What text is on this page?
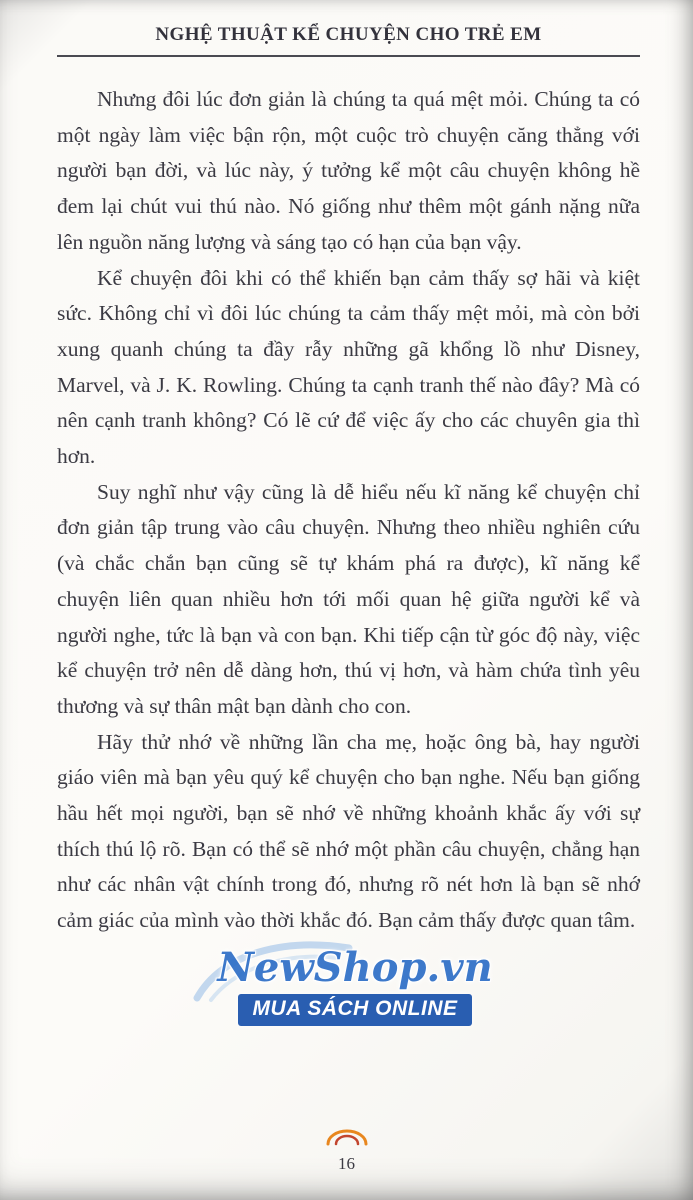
NGHỆ THUẬT KỂ CHUYỆN CHO TRẺ EM

Nhưng đôi lúc đơn giản là chúng ta quá mệt mỏi. Chúng ta có một ngày làm việc bận rộn, một cuộc trò chuyện căng thẳng với người bạn đời, và lúc này, ý tưởng kể một câu chuyện không hề đem lại chút vui thú nào. Nó giống như thêm một gánh nặng nữa lên nguồn năng lượng và sáng tạo có hạn của bạn vậy.

Kể chuyện đôi khi có thể khiến bạn cảm thấy sợ hãi và kiệt sức. Không chỉ vì đôi lúc chúng ta cảm thấy mệt mỏi, mà còn bởi xung quanh chúng ta đầy rẫy những gã khổng lồ như Disney, Marvel, và J. K. Rowling. Chúng ta cạnh tranh thế nào đây? Mà có nên cạnh tranh không? Có lẽ cứ để việc ấy cho các chuyên gia thì hơn.

Suy nghĩ như vậy cũng là dễ hiểu nếu kĩ năng kể chuyện chỉ đơn giản tập trung vào câu chuyện. Nhưng theo nhiều nghiên cứu (và chắc chắn bạn cũng sẽ tự khám phá ra được), kĩ năng kể chuyện liên quan nhiều hơn tới mối quan hệ giữa người kể và người nghe, tức là bạn và con bạn. Khi tiếp cận từ góc độ này, việc kể chuyện trở nên dễ dàng hơn, thú vị hơn, và hàm chứa tình yêu thương và sự thân mật bạn dành cho con.

Hãy thử nhớ về những lần cha mẹ, hoặc ông bà, hay người giáo viên mà bạn yêu quý kể chuyện cho bạn nghe. Nếu bạn giống hầu hết mọi người, bạn sẽ nhớ về những khoảnh khắc ấy với sự thích thú lộ rõ. Bạn có thể sẽ nhớ một phần câu chuyện, chẳng hạn như các nhân vật chính trong đó, nhưng rõ nét hơn là bạn sẽ nhớ cảm giác của mình vào thời khắc đó. Bạn cảm thấy được quan tâm.

NewShop.vn
MUA SÁCH ONLINE
16
